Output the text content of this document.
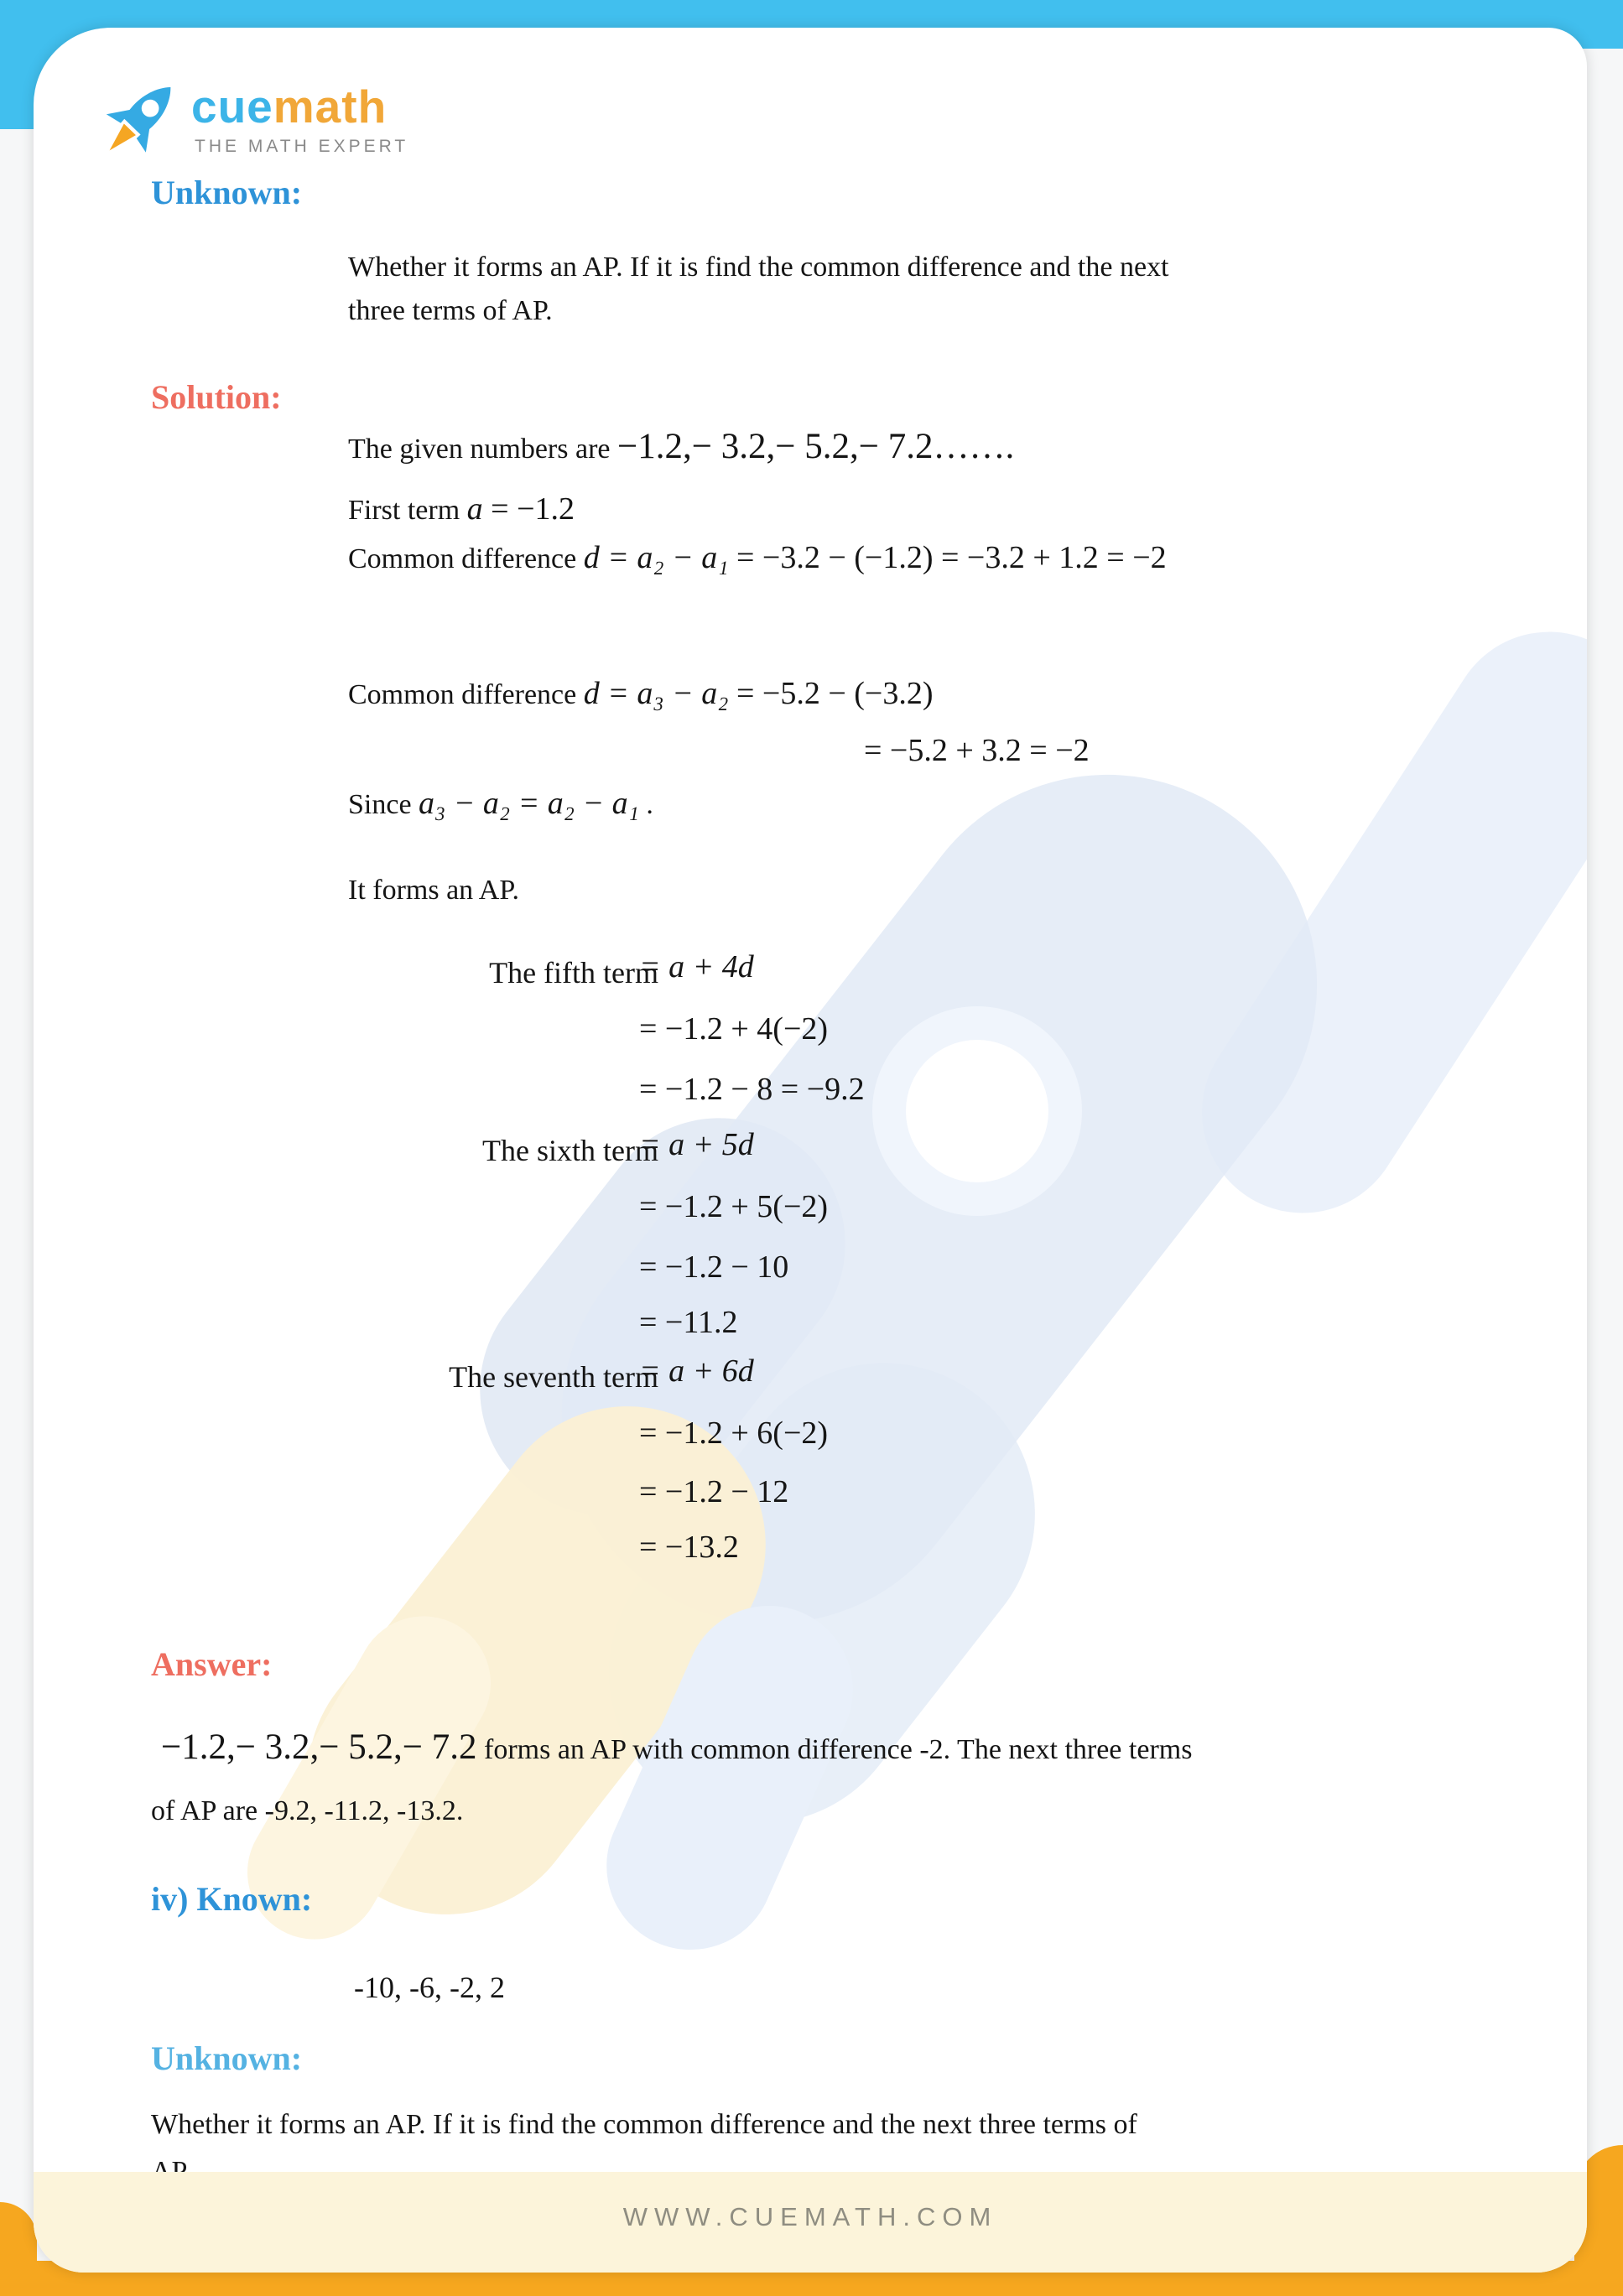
cuemath
THE MATH EXPERT
Unknown:
Whether it forms an AP. If it is find the common difference and the next
three terms of AP.
Solution:
The given numbers are −1.2,− 3.2,− 5.2,− 7.2…….
First term a = −1.2
Common difference d = a₂ − a₁ = −3.2 − (−1.2) = −3.2 + 1.2 = −2
Common difference d = a₃ − a₂ = −5.2 − (−3.2)
= −5.2 + 3.2 = −2
Since a₃ − a₂ = a₂ − a₁ .
It forms an AP.
The fifth term
= a + 4d
= −1.2 + 4(−2)
= −1.2 − 8 = −9.2
The sixth term
= a + 5d
= −1.2 + 5(−2)
= −1.2 − 10
= −11.2
The seventh term
= a + 6d
= −1.2 + 6(−2)
= −1.2 − 12
= −13.2
Answer:
−1.2,− 3.2,− 5.2,− 7.2 forms an AP with common difference -2. The next three terms
of AP are -9.2, -11.2, -13.2.
iv) Known:
-10, -6, -2, 2
Unknown:
Whether it forms an AP. If it is find the common difference and the next three terms of
WWW.CUEMATH.COM
